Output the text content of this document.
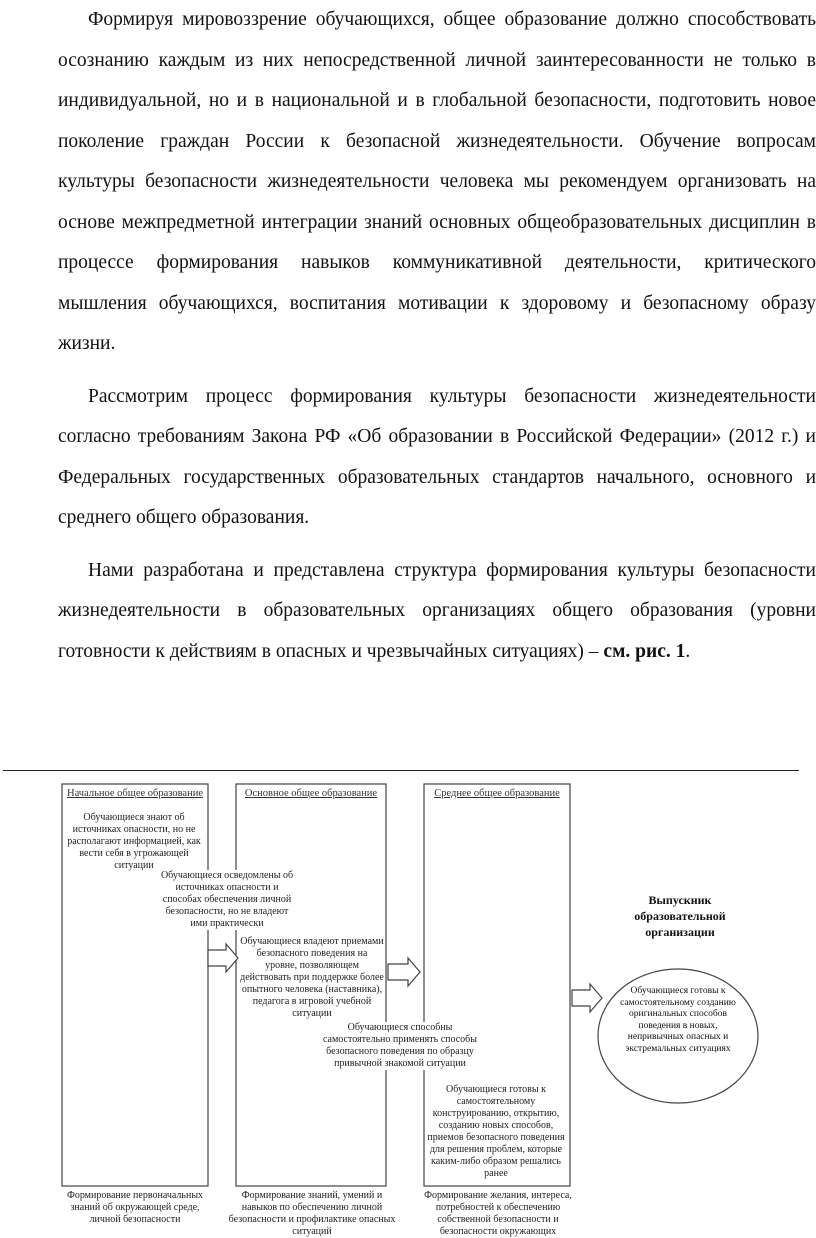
Формируя мировоззрение обучающихся, общее образование должно способствовать осознанию каждым из них непосредственной личной заинтересованности не только в индивидуальной, но и в национальной и в глобальной безопасности, подготовить новое поколение граждан России к безопасной жизнедеятельности. Обучение вопросам культуры безопасности жизнедеятельности человека мы рекомендуем организовать на основе межпредметной интеграции знаний основных общеобразовательных дисциплин в процессе формирования навыков коммуникативной деятельности, критического мышления обучающихся, воспитания мотивации к здоровому и безопасному образу жизни.

Рассмотрим процесс формирования культуры безопасности жизнедеятельности согласно требованиям Закона РФ «Об образовании в Российской Федерации» (2012 г.) и Федеральных государственных образовательных стандартов начального, основного и среднего общего образования.

Нами разработана и представлена структура формирования культуры безопасности жизнедеятельности в образовательных организациях общего образования (уровни готовности к действиям в опасных и чрезвычайных ситуациях) – см. рис. 1.

Начальное общее образование	Основное общее образование	Среднее общее образование
Обучающиеся знают об источниках опасности, но не располагают информацией, как вести себя в угрожающей ситуации
Обучающиеся осведомлены об источниках опасности и способах обеспечения личной безопасности, но не владеют ими практически
Обучающиеся владеют приемами безопасного поведения на уровне, позволяющем действовать при поддержке более опытного человека (наставника), педагога в игровой учебной ситуации
Обучающиеся способны самостоятельно применять способы безопасного поведения по образцу привычной знакомой ситуации
Обучающиеся готовы к самостоятельному конструированию, открытию, созданию новых способов, приемов безопасного поведения для решения проблем, которые каким-либо образом решались ранее
Выпускник образовательной организации
Обучающиеся готовы к самостоятельному созданию оригинальных способов поведения в новых, непривычных опасных и экстремальных ситуациях
Формирование первоначальных знаний об окружающей среде, личной безопасности
Формирование знаний, умений и навыков по обеспечению личной безопасности и профилактике опасных ситуаций
Формирование желания, интереса, потребностей к обеспечению собственной безопасности и безопасности окружающих
